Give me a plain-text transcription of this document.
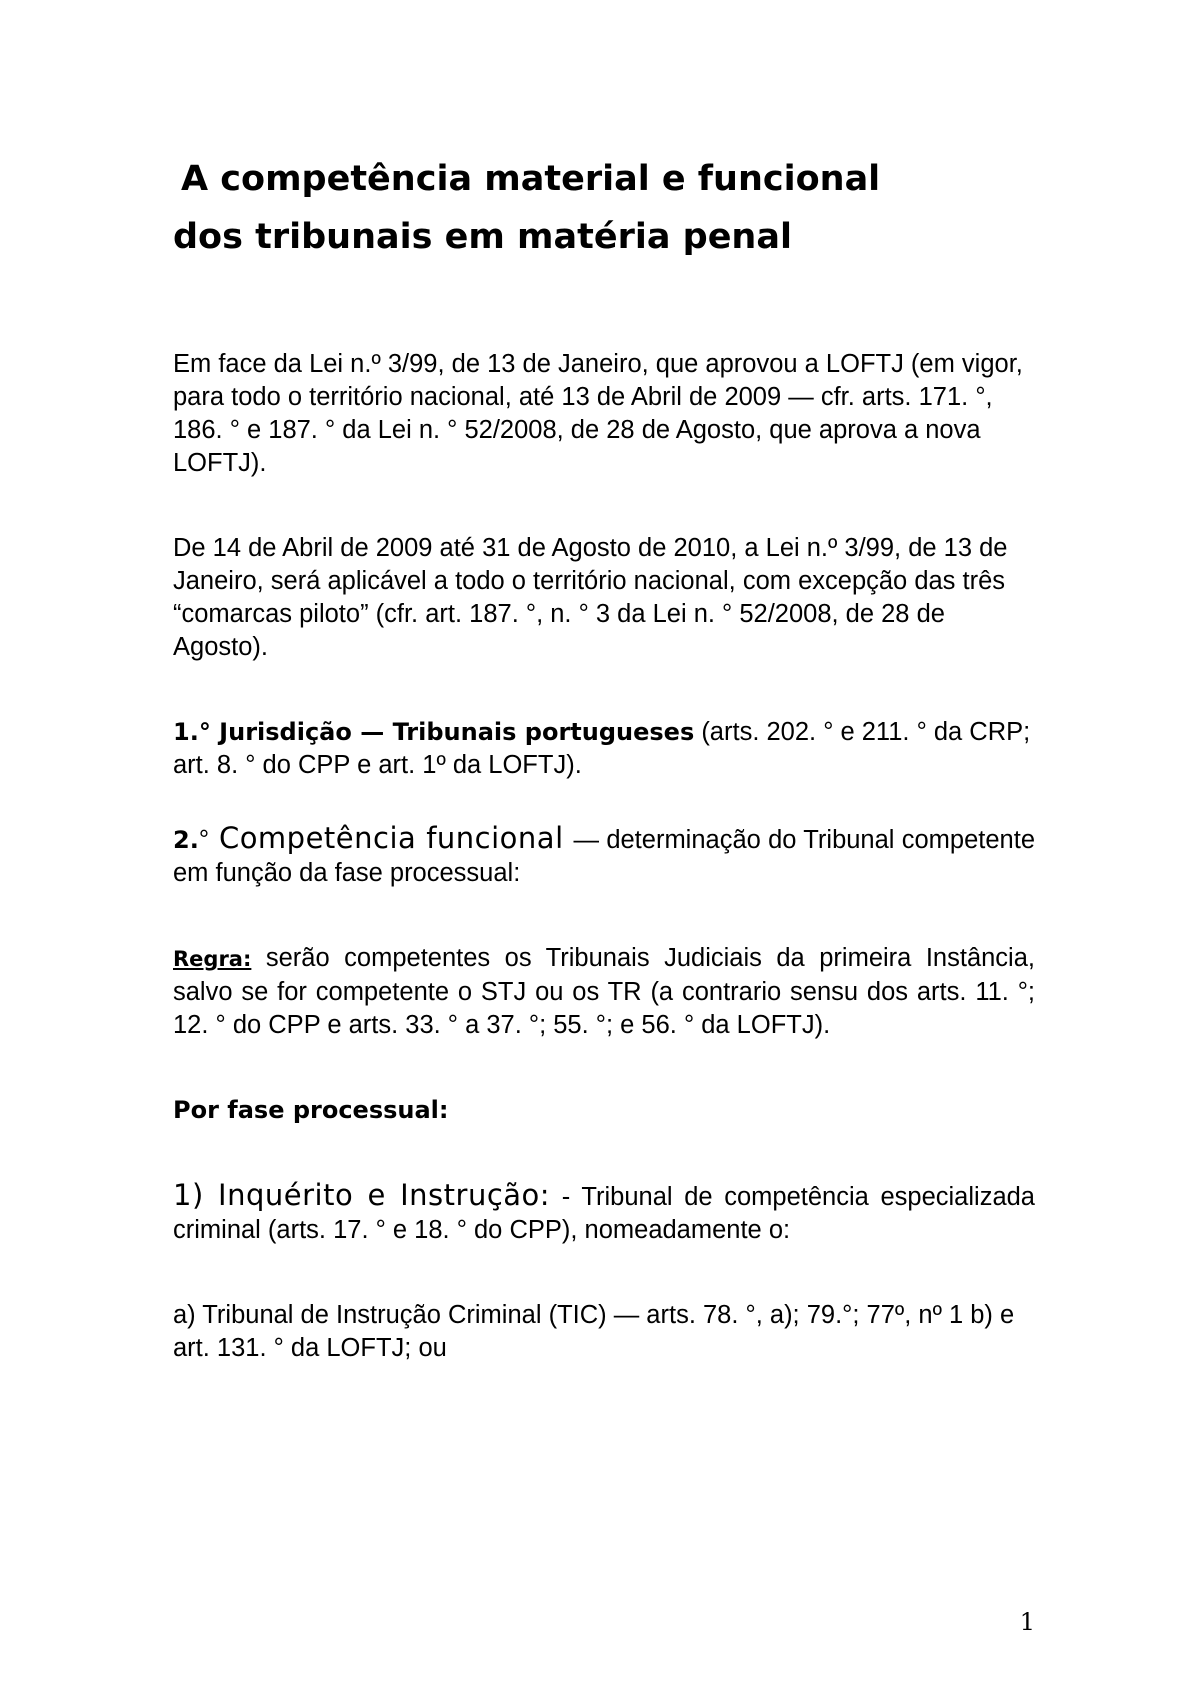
A competência material e funcional
dos tribunais em matéria penal

Em face da Lei n.º 3/99, de 13 de Janeiro, que aprovou a LOFTJ (em vigor, para todo o território nacional, até 13 de Abril de 2009 — cfr. arts. 171. °, 186. ° e 187. ° da Lei n. ° 52/2008, de 28 de Agosto, que aprova a nova LOFTJ).

De 14 de Abril de 2009 até 31 de Agosto de 2010, a Lei n.º 3/99, de 13 de Janeiro, será aplicável a todo o território nacional, com excepção das três “comarcas piloto” (cfr. art. 187. °, n. ° 3 da Lei n. ° 52/2008, de 28 de Agosto).

1.° Jurisdição — Tribunais portugueses (arts. 202. ° e 211. ° da CRP; art. 8. ° do CPP e art. 1º da LOFTJ).

2.° Competência funcional — determinação do Tribunal competente em função da fase processual:

Regra: serão competentes os Tribunais Judiciais da primeira Instância, salvo se for competente o STJ ou os TR (a contrario sensu dos arts. 11. °; 12. ° do CPP e arts. 33. ° a 37. °; 55. °; e 56. ° da LOFTJ).

Por fase processual:

1) Inquérito e Instrução: - Tribunal de competência especializada criminal (arts. 17. ° e 18. ° do CPP), nomeadamente o:

a) Tribunal de Instrução Criminal (TIC) — arts. 78. °, a); 79.°; 77º, nº 1 b) e art. 131. ° da LOFTJ; ou

1
